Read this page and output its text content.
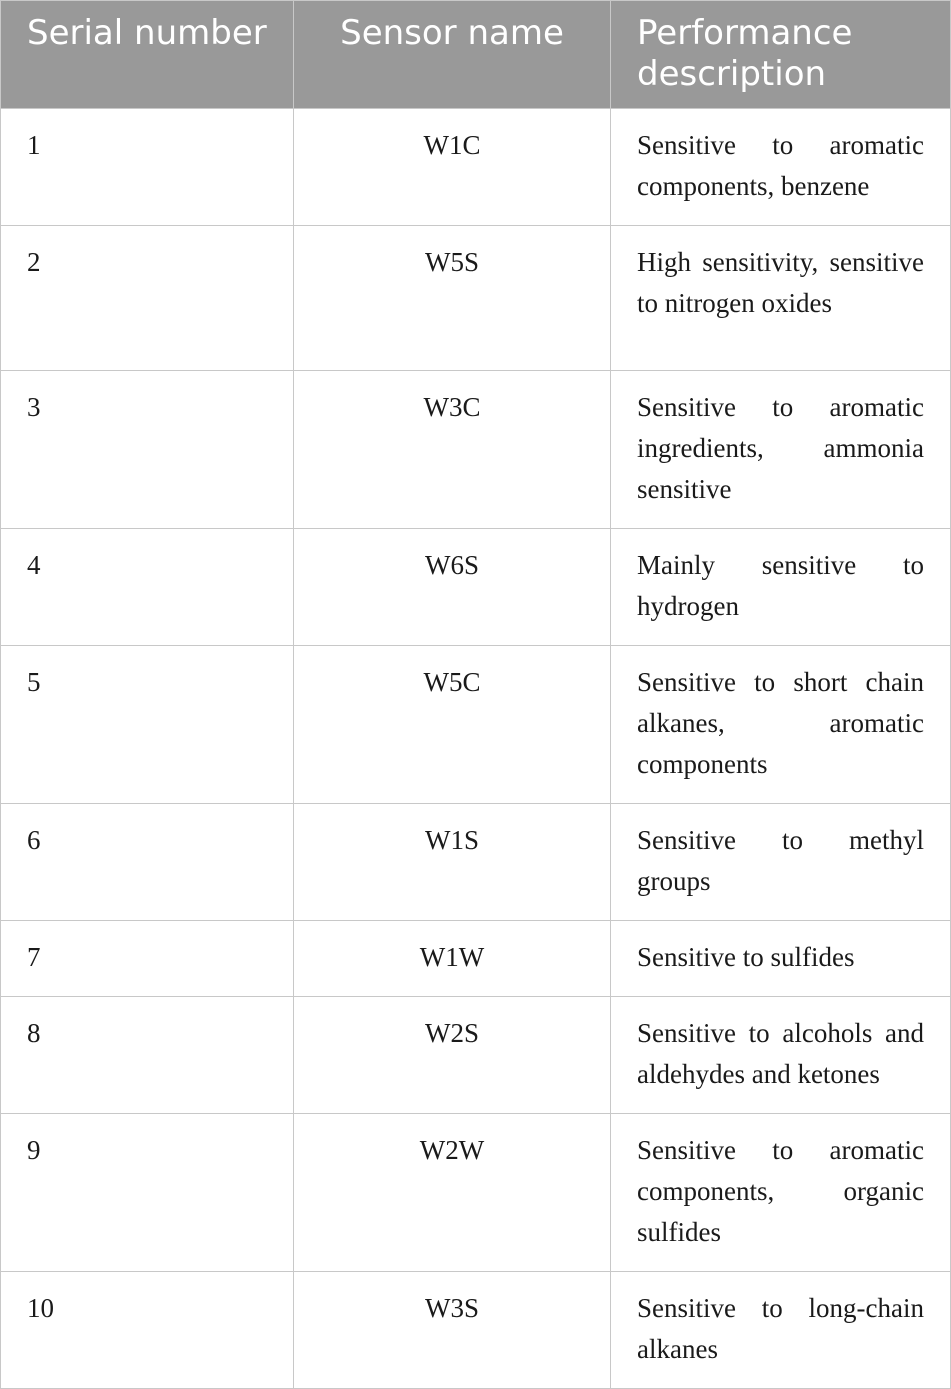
Serial number	Sensor name	Performance description
1	W1C	Sensitive to aromatic components, benzene
2	W5S	High sensitivity, sensitive to nitrogen oxides
3	W3C	Sensitive to aromatic ingredients, ammonia sensitive
4	W6S	Mainly sensitive to hydrogen
5	W5C	Sensitive to short chain alkanes, aromatic components
6	W1S	Sensitive to methyl groups
7	W1W	Sensitive to sulfides
8	W2S	Sensitive to alcohols and aldehydes and ketones
9	W2W	Sensitive to aromatic components, organic sulfides
10	W3S	Sensitive to long-chain alkanes
